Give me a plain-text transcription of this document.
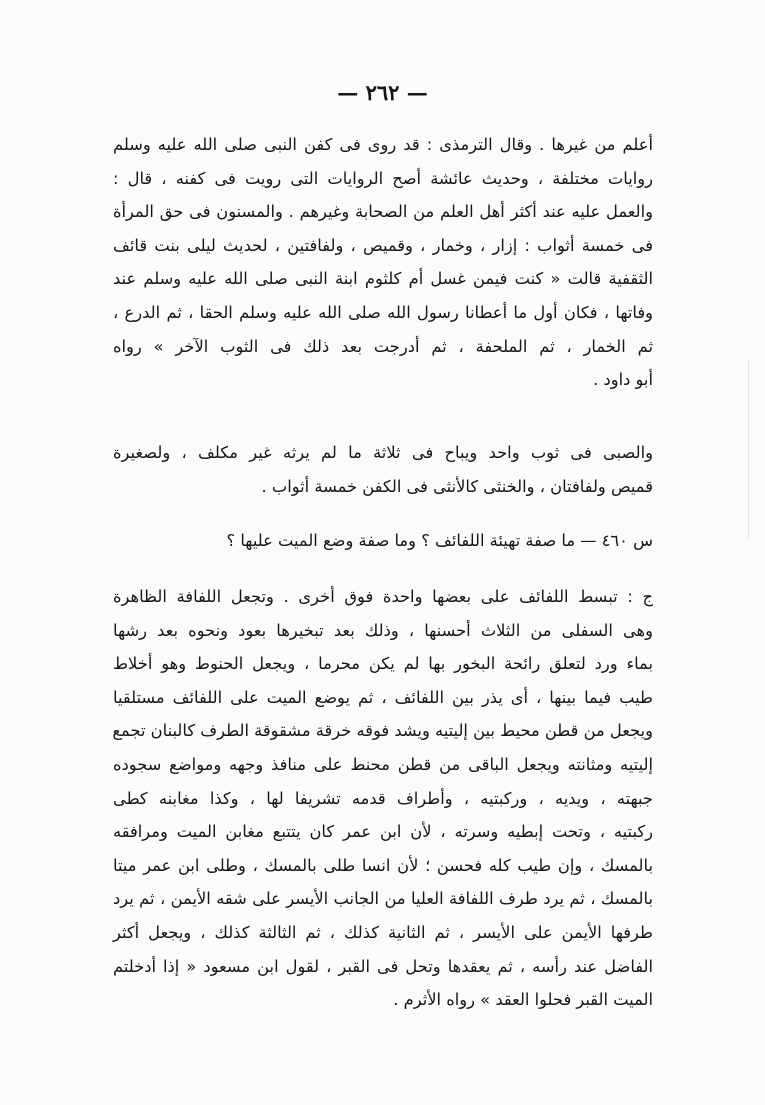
— ٢٦٢ —
أعلم من غيرها . وقال الترمذى : قد روى فى كفن النبى صلى الله عليه وسلم
روايات مختلفة ، وحديث عائشة أصح الروايات التى رويت فى كفنه ، قال :
والعمل عليه عند أكثر أهل العلم من الصحابة وغيرهم . والمسنون فى حق المرأة
فى خمسة أثواب : إزار ، وخمار ، وقميص ، ولفافتين ، لحديث ليلى بنت قائف
الثقفية قالت « كنت فيمن غسل أم كلثوم ابنة النبى صلى الله عليه وسلم عند
وفاتها ، فكان أول ما أعطانا رسول الله صلى الله عليه وسلم الحقا ، ثم الدرع ،
ثم الخمار ، ثم الملحفة ، ثم أدرجت بعد ذلك فى الثوب الآخر » رواه
أبو داود .
والصبى فى ثوب واحد ويباح فى ثلاثة ما لم يرثه غير مكلف ، ولصغيرة
قميص ولفافتان ، والخنثى كالأنثى فى الكفن خمسة أثواب .
س ٤٦٠ — ما صفة تهيئة اللفائف ؟ وما صفة وضع الميت عليها ؟
ج : تبسط اللفائف على بعضها واحدة فوق أخرى . وتجعل اللفافة الظاهرة
وهى السفلى من الثلاث أحسنها ، وذلك بعد تبخيرها بعود ونحوه بعد رشها
بماء ورد لتعلق رائحة البخور بها لم يكن محرما ، ويجعل الحنوط وهو أخلاط
طيب فيما بينها ، أى يذر بين اللفائف ، ثم يوضع الميت على اللفائف مستلقيا
ويجعل من قطن محيط بين إليتيه ويشد فوقه خرقة مشقوقة الطرف كالبنان تجمع
إليتيه ومثانته ويجعل الباقى من قطن محنط على منافذ وجهه ومواضع سجوده
جبهته ، ويديه ، وركبتيه ، وأطراف قدمه تشريفا لها ، وكذا مغابنه كطى
ركبتيه ، وتحت إبطيه وسرته ، لأن ابن عمر كان يتتبع مغابن الميت ومرافقه
بالمسك ، وإن طيب كله فحسن ؛ لأن انسا طلى بالمسك ، وطلى ابن عمر ميتا
بالمسك ، ثم يرد طرف اللفافة العليا من الجانب الأيسر على شقه الأيمن ، ثم يرد
طرفها الأيمن على الأيسر ، ثم الثانية كذلك ، ثم الثالثة كذلك ، ويجعل أكثر
الفاضل عند رأسه ، ثم يعقدها وتحل فى القبر ، لقول ابن مسعود « إذا أدخلتم
الميت القبر فحلوا العقد » رواه الأثرم .
